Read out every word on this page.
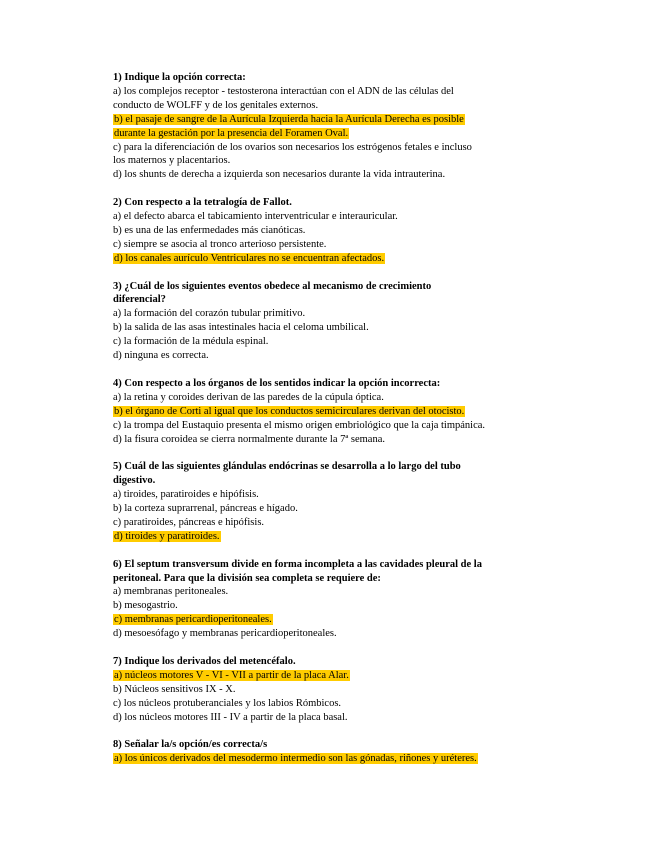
1) Indique la opción correcta:
a) los complejos receptor - testosterona interactúan con el ADN de las células del
conducto de WOLFF y de los genitales externos.
b) el pasaje de sangre de la Aurícula Izquierda hacia la Aurícula Derecha es posible
durante la gestación por la presencia del Foramen Oval.
c) para la diferenciación de los ovarios son necesarios los estrógenos fetales e incluso
los maternos y placentarios.
d) los shunts de derecha a izquierda son necesarios durante la vida intrauterina.
2) Con respecto a la tetralogía de Fallot.
a) el defecto abarca el tabicamiento interventricular e interauricular.
b) es una de las enfermedades más cianóticas.
c) siempre se asocia al tronco arterioso persistente.
d) los canales aurículo Ventriculares no se encuentran afectados.
3) ¿Cuál de los siguientes eventos obedece al mecanismo de crecimiento
diferencial?
a) la formación del corazón tubular primitivo.
b) la salida de las asas intestinales hacia el celoma umbilical.
c) la formación de la médula espinal.
d) ninguna es correcta.
4) Con respecto a los órganos de los sentidos indicar la opción incorrecta:
a) la retina y coroides derivan de las paredes de la cúpula óptica.
b) el órgano de Corti al igual que los conductos semicirculares derivan del otocisto.
c) la trompa del Eustaquio presenta el mismo origen embriológico que la caja timpánica.
d) la fisura coroidea se cierra normalmente durante la 7ª semana.
5) Cuál de las siguientes glándulas endócrinas se desarrolla a lo largo del tubo
digestivo.
a) tiroides, paratiroides e hipófisis.
b) la corteza suprarrenal, páncreas e hígado.
c) paratiroides, páncreas e hipófisis.
d) tiroides y paratiroides.
6) El septum transversum divide en forma incompleta a las cavidades pleural de la
peritoneal. Para que la división sea completa se requiere de:
a) membranas peritoneales.
b) mesogastrio.
c) membranas pericardioperitoneales.
d) mesoesófago y membranas pericardioperitoneales.
7) Indique los derivados del metencéfalo.
a) núcleos motores V - VI - VII a partir de la placa Alar.
b) Núcleos sensitivos IX - X.
c) los núcleos protuberanciales y los labios Rómbicos.
d) los núcleos motores III - IV a partir de la placa basal.
8) Señalar la/s opción/es correcta/s
a) los únicos derivados del mesodermo intermedio son las gónadas, riñones y uréteres.
